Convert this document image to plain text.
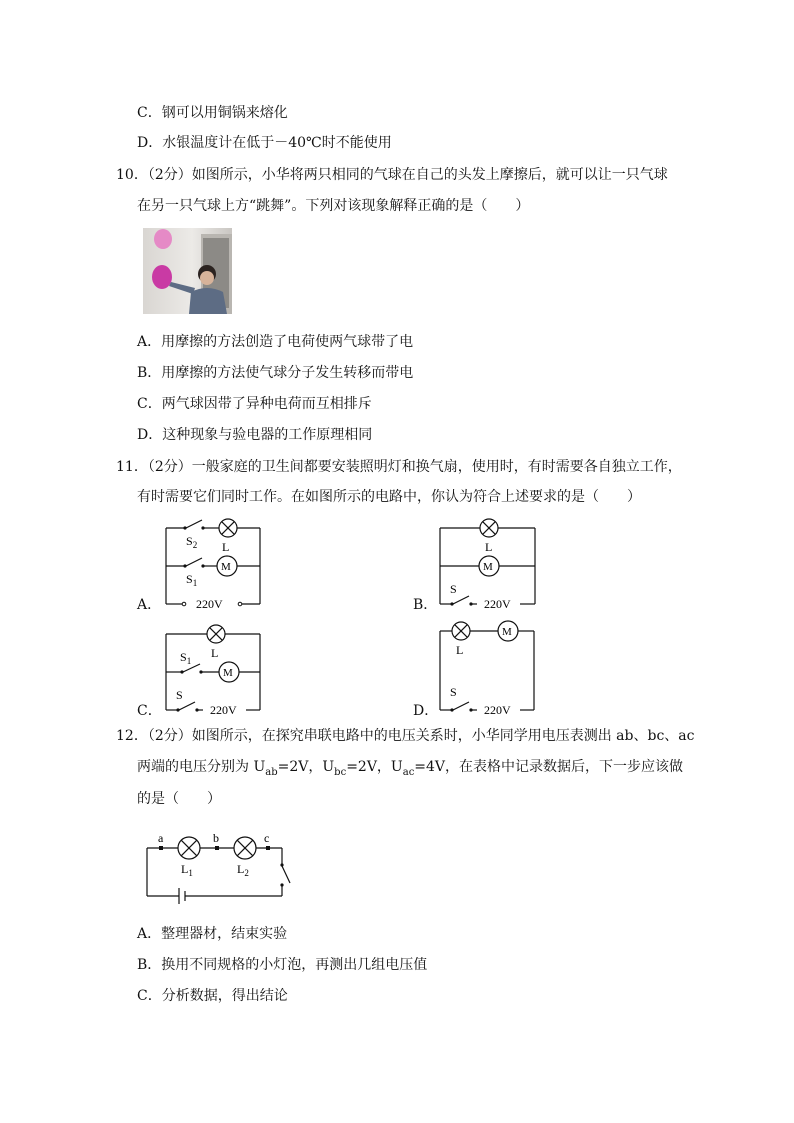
C．钢可以用铜锅来熔化
D．水银温度计在低于－40℃时不能使用
10．（2分）如图所示，小华将两只相同的气球在自己的头发上摩擦后，就可以让一只气球
在另一只气球上方“跳舞”。下列对该现象解释正确的是（　　）
A．用摩擦的方法创造了电荷使两气球带了电
B．用摩擦的方法使气球分子发生转移而带电
C．两气球因带了异种电荷而互相排斥
D．这种现象与验电器的工作原理相同
11．（2分）一般家庭的卫生间都要安装照明灯和换气扇，使用时，有时需要各自独立工作，
有时需要它们同时工作。在如图所示的电路中，你认为符合上述要求的是（　　）
A．
$S_2$ L
M
$S_1$
220V	B．
L
M
S
220V
C．
L
M
$S_1$
S
220V	D．
L
M
S
220V
12．（2分）如图所示，在探究串联电路中的电压关系时，小华同学用电压表测出 ab、bc、ac
两端的电压分别为 $U_{ab}=2V$，$U_{bc}=2V$，$U_{ac}=4V$，在表格中记录数据后，下一步应该做
的是（　　）
a	b	c
$L_1$	$L_2$
A．整理器材，结束实验
B．换用不同规格的小灯泡，再测出几组电压值
C．分析数据，得出结论
